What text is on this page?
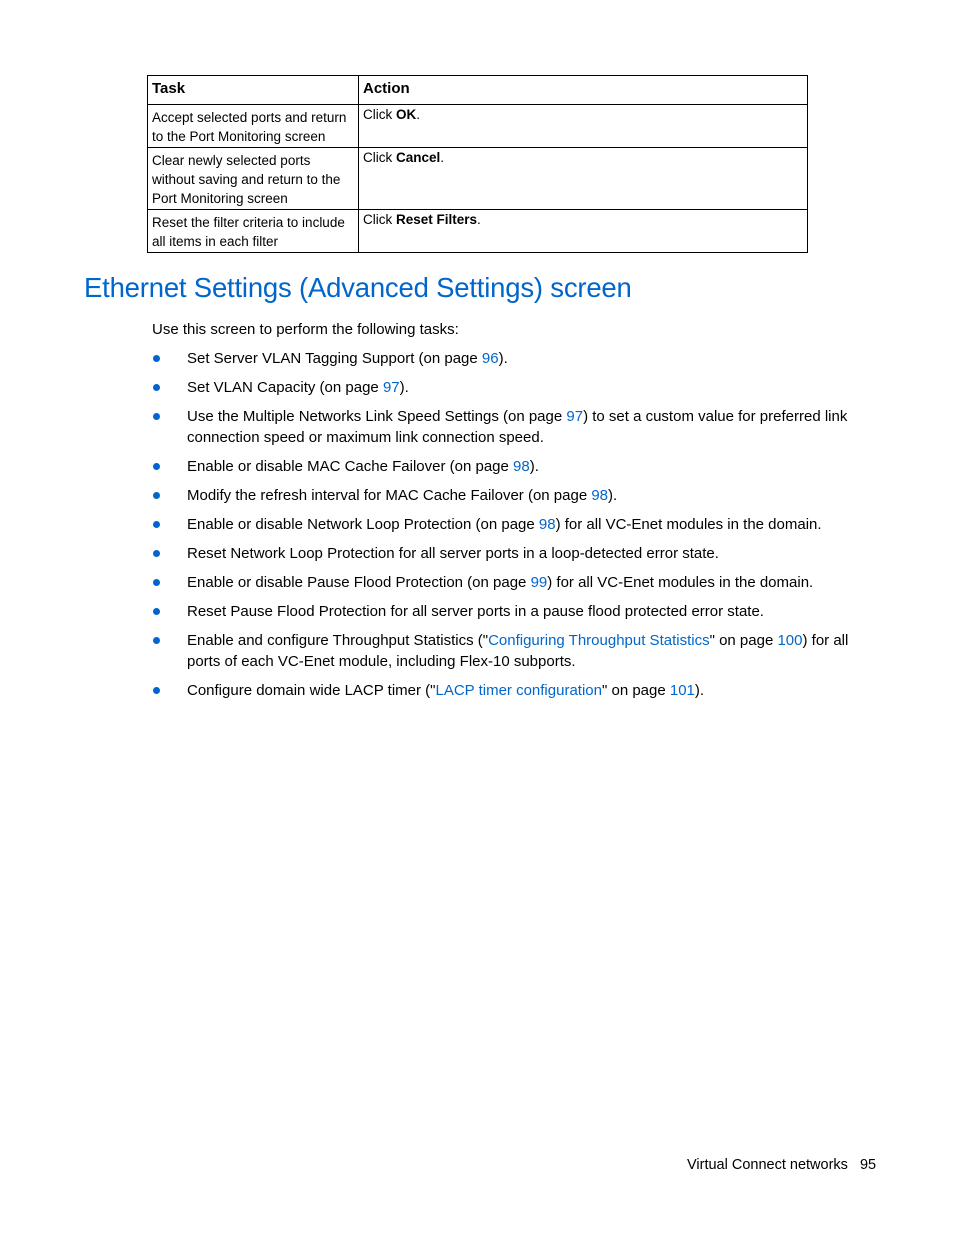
Task	Action
Accept selected ports and return to the Port Monitoring screen	Click OK.
Clear newly selected ports without saving and return to the Port Monitoring screen	Click Cancel.
Reset the filter criteria to include all items in each filter	Click Reset Filters.
Ethernet Settings (Advanced Settings) screen

Use this screen to perform the following tasks:

Set Server VLAN Tagging Support (on page 96).
Set VLAN Capacity (on page 97).
Use the Multiple Networks Link Speed Settings (on page 97) to set a custom value for preferred link connection speed or maximum link connection speed.
Enable or disable MAC Cache Failover (on page 98).
Modify the refresh interval for MAC Cache Failover (on page 98).
Enable or disable Network Loop Protection (on page 98) for all VC-Enet modules in the domain.
Reset Network Loop Protection for all server ports in a loop-detected error state.
Enable or disable Pause Flood Protection (on page 99) for all VC-Enet modules in the domain.
Reset Pause Flood Protection for all server ports in a pause flood protected error state.
Enable and configure Throughput Statistics ("Configuring Throughput Statistics" on page 100) for all ports of each VC-Enet module, including Flex-10 subports.
Configure domain wide LACP timer ("LACP timer configuration" on page 101).
Virtual Connect networks 95
